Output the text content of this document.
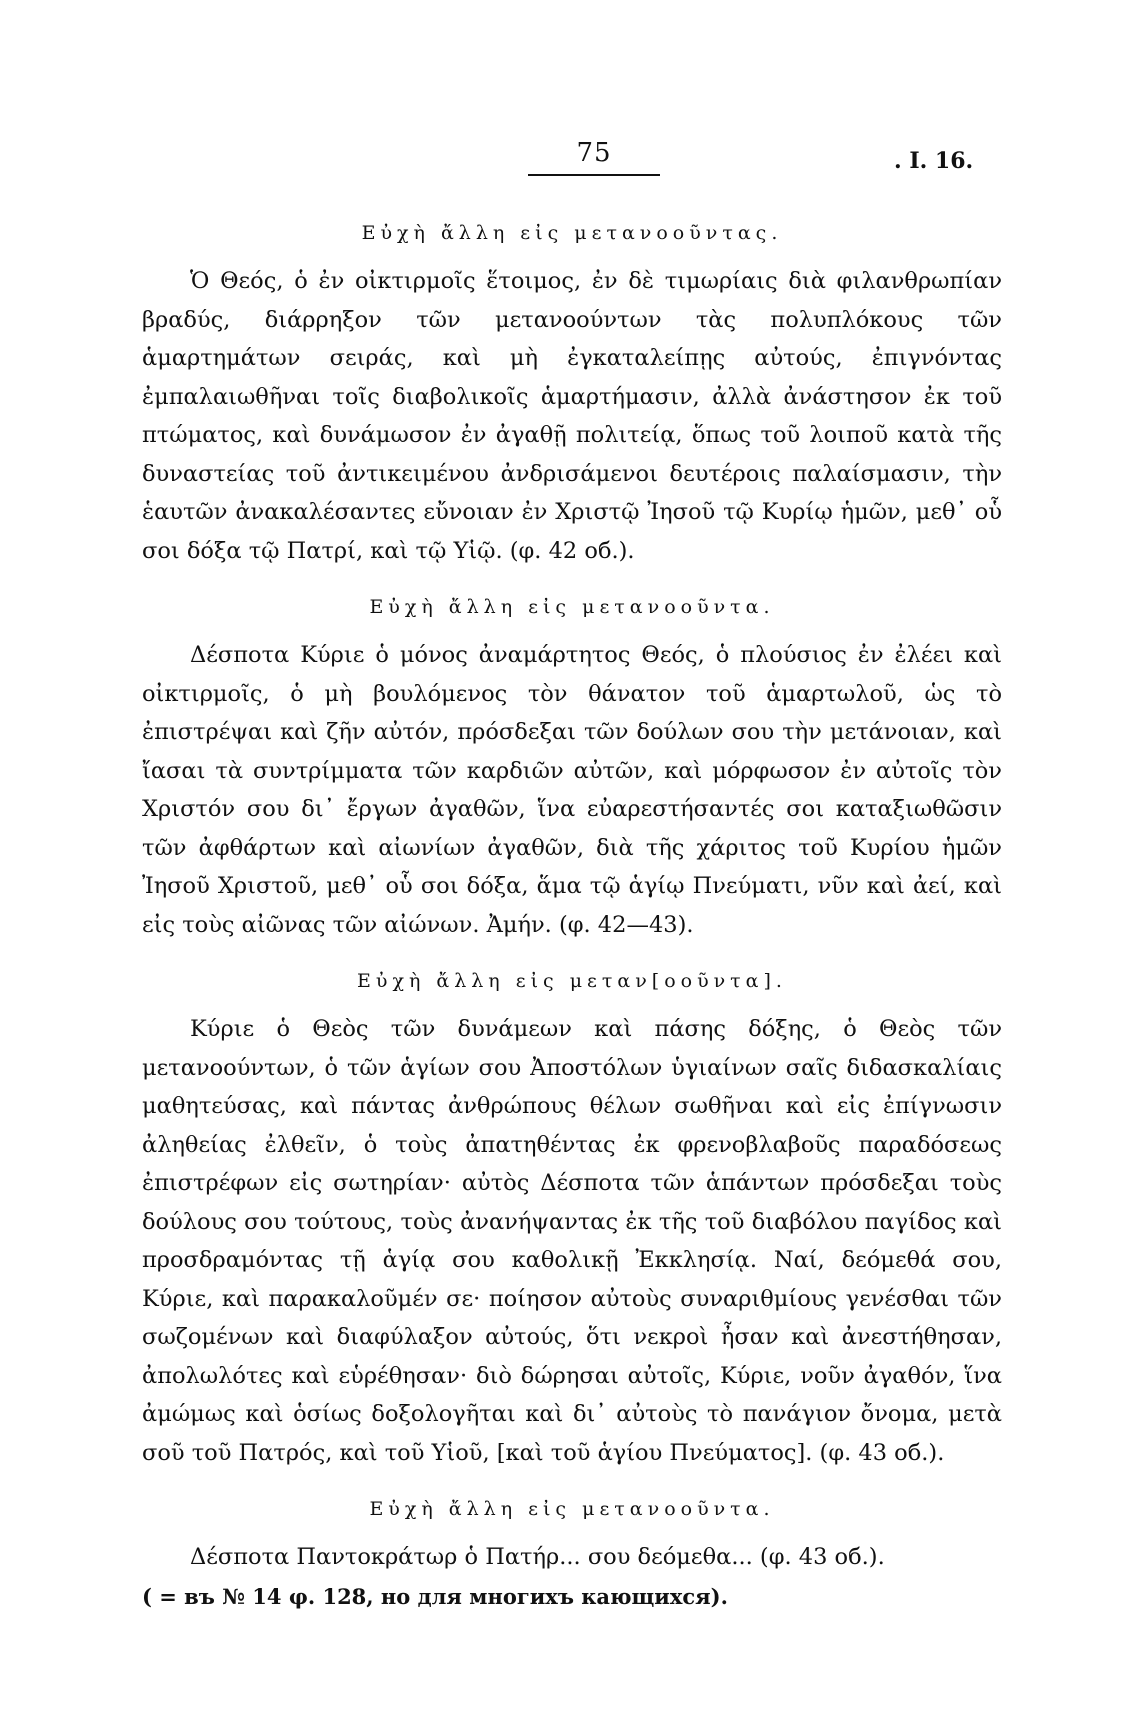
75	. I. 16.
Εὐχὴ ἄλλη εἰς μετανοοῦντας.

Ὁ Θεός, ὁ ἐν οἰκτιρμοῖς ἕτοιμος, ἐν δὲ τιμωρίαις διὰ φιλανθρωπίαν βραδύς, διάρρηξον τῶν μετανοούντων τὰς πολυπλόκους τῶν ἁμαρτημάτων σειράς, καὶ μὴ ἐγκαταλείπῃς αὐτούς, ἐπιγνόντας ἐμπαλαιωθῆναι τοῖς διαβολικοῖς ἁμαρτήμασιν, ἀλλὰ ἀνάστησον ἐκ τοῦ πτώματος, καὶ δυνάμωσον ἐν ἀγαθῇ πολιτείᾳ, ὅπως τοῦ λοιποῦ κατὰ τῆς δυναστείας τοῦ ἀντικειμένου ἀνδρισάμενοι δευτέροις παλαίσμασιν, τὴν ἑαυτῶν ἀνακαλέσαντες εὔνοιαν ἐν Χριστῷ Ἰησοῦ τῷ Κυρίῳ ἡμῶν, μεθ᾽ οὗ σοι δόξα τῷ Πατρί, καὶ τῷ Υἱῷ. (φ. 42 об.).

Εὐχὴ ἄλλη εἰς μετανοοῦντα.

Δέσποτα Κύριε ὁ μόνος ἀναμάρτητος Θεός, ὁ πλούσιος ἐν ἐλέει καὶ οἰκτιρμοῖς, ὁ μὴ βουλόμενος τὸν θάνατον τοῦ ἁμαρτωλοῦ, ὡς τὸ ἐπιστρέψαι καὶ ζῆν αὐτόν, πρόσδεξαι τῶν δούλων σου τὴν μετάνοιαν, καὶ ἴασαι τὰ συντρίμματα τῶν καρδιῶν αὐτῶν, καὶ μόρφωσον ἐν αὐτοῖς τὸν Χριστόν σου δι᾽ ἔργων ἀγαθῶν, ἵνα εὐαρεστήσαντές σοι καταξιωθῶσιν τῶν ἀφθάρτων καὶ αἰωνίων ἀγαθῶν, διὰ τῆς χάριτος τοῦ Κυρίου ἡμῶν Ἰησοῦ Χριστοῦ, μεθ᾽ οὗ σοι δόξα, ἅμα τῷ ἁγίῳ Πνεύματι, νῦν καὶ ἀεί, καὶ εἰς τοὺς αἰῶνας τῶν αἰώνων. Ἀμήν. (φ. 42—43).

Εὐχὴ ἄλλη εἰς μεταν[οοῦντα].

Κύριε ὁ Θεὸς τῶν δυνάμεων καὶ πάσης δόξης, ὁ Θεὸς τῶν μετανοούντων, ὁ τῶν ἁγίων σου Ἀποστόλων ὑγιαίνων σαῖς διδασκαλίαις μαθητεύσας, καὶ πάντας ἀνθρώπους θέλων σωθῆναι καὶ εἰς ἐπίγνωσιν ἀληθείας ἐλθεῖν, ὁ τοὺς ἀπατηθέντας ἐκ φρενοβλαβοῦς παραδόσεως ἐπιστρέφων εἰς σωτηρίαν· αὐτὸς Δέσποτα τῶν ἁπάντων πρόσδεξαι τοὺς δούλους σου τούτους, τοὺς ἀνανήψαντας ἐκ τῆς τοῦ διαβόλου παγίδος καὶ προσδραμόντας τῇ ἁγίᾳ σου καθολικῇ Ἐκκλησίᾳ. Ναί, δεόμεθά σου, Κύριε, καὶ παρακαλοῦμέν σε· ποίησον αὐτοὺς συναριθμίους γενέσθαι τῶν σωζομένων καὶ διαφύλαξον αὐτούς, ὅτι νεκροὶ ἦσαν καὶ ἀνεστήθησαν, ἀπολωλότες καὶ εὑρέθησαν· διὸ δώρησαι αὐτοῖς, Κύριε, νοῦν ἀγαθόν, ἵνα ἀμώμως καὶ ὁσίως δοξολογῆται καὶ δι᾽ αὐτοὺς τὸ πανάγιον ὄνομα, μετὰ σοῦ τοῦ Πατρός, καὶ τοῦ Υἱοῦ, [καὶ τοῦ ἁγίου Πνεύματος]. (φ. 43 об.).

Εὐχὴ ἄλλη εἰς μετανοοῦντα.

Δέσποτα Παντοκράτωρ ὁ Πατήρ... σου δεόμεθα... (φ. 43 об.).

( = въ № 14 φ. 128, но для многихъ кающихся).
